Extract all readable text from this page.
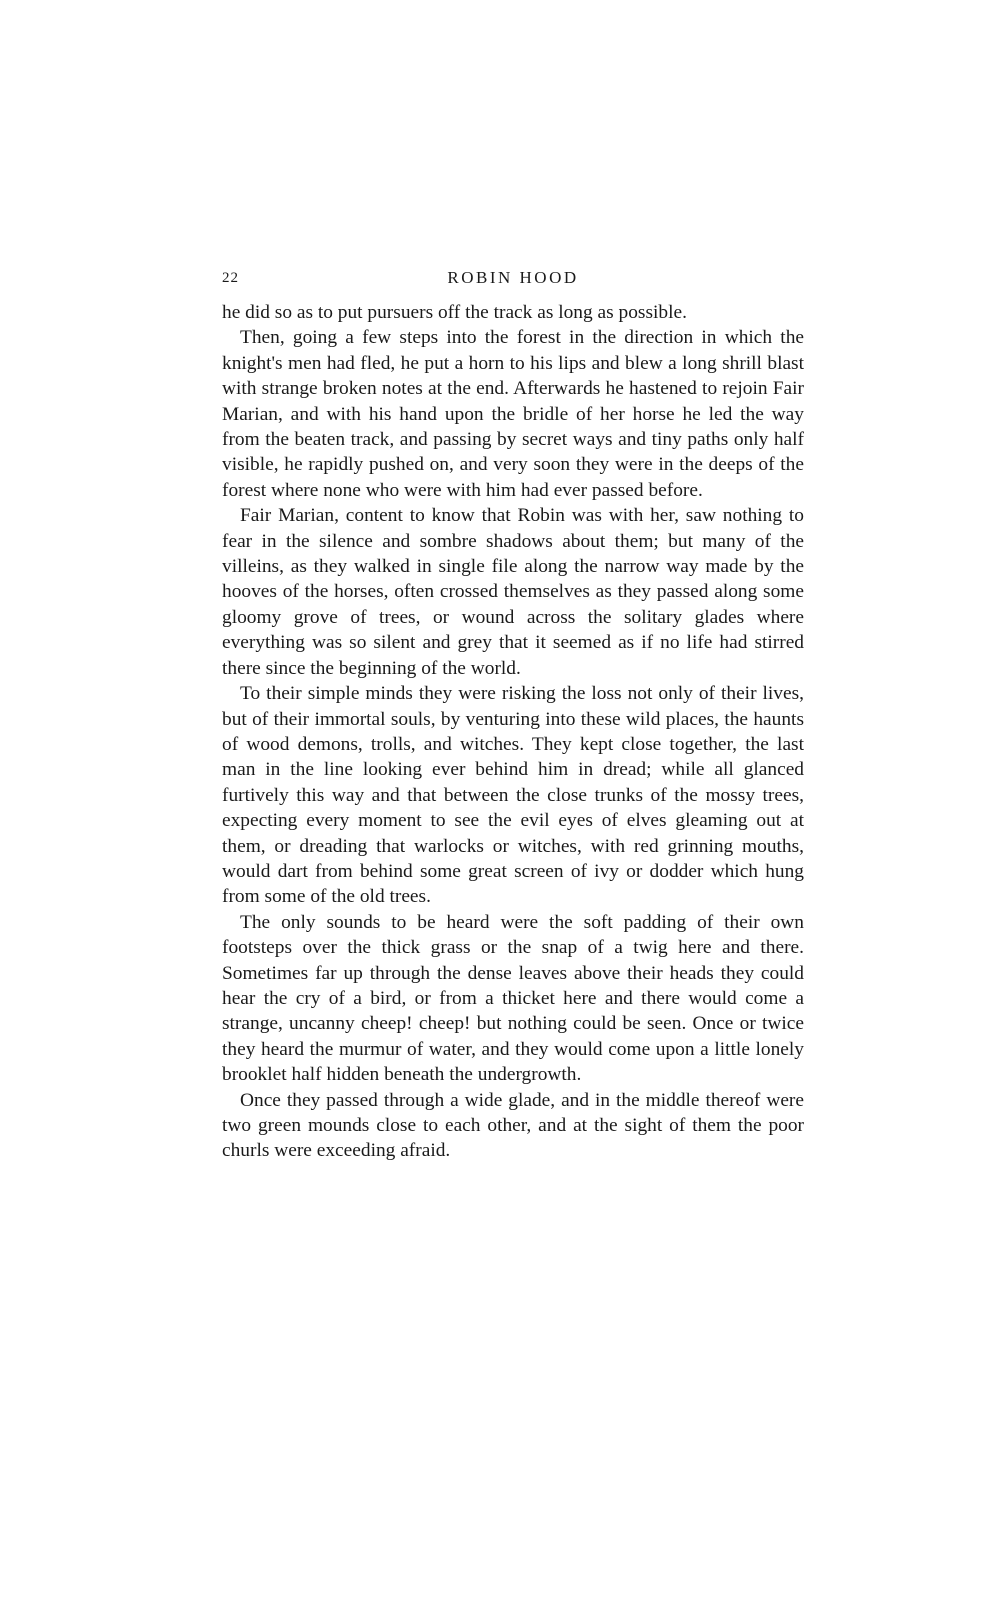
22	ROBIN HOOD

he did so as to put pursuers off the track as long as possible.

Then, going a few steps into the forest in the direction in which the knight's men had fled, he put a horn to his lips and blew a long shrill blast with strange broken notes at the end. Afterwards he hastened to rejoin Fair Marian, and with his hand upon the bridle of her horse he led the way from the beaten track, and passing by secret ways and tiny paths only half visible, he rapidly pushed on, and very soon they were in the deeps of the forest where none who were with him had ever passed before.

Fair Marian, content to know that Robin was with her, saw nothing to fear in the silence and sombre shadows about them; but many of the villeins, as they walked in single file along the narrow way made by the hooves of the horses, often crossed themselves as they passed along some gloomy grove of trees, or wound across the solitary glades where everything was so silent and grey that it seemed as if no life had stirred there since the beginning of the world.

To their simple minds they were risking the loss not only of their lives, but of their immortal souls, by venturing into these wild places, the haunts of wood demons, trolls, and witches. They kept close together, the last man in the line looking ever behind him in dread; while all glanced furtively this way and that between the close trunks of the mossy trees, expecting every moment to see the evil eyes of elves gleaming out at them, or dreading that warlocks or witches, with red grinning mouths, would dart from behind some great screen of ivy or dodder which hung from some of the old trees.

The only sounds to be heard were the soft padding of their own footsteps over the thick grass or the snap of a twig here and there. Sometimes far up through the dense leaves above their heads they could hear the cry of a bird, or from a thicket here and there would come a strange, uncanny cheep! cheep! but nothing could be seen. Once or twice they heard the murmur of water, and they would come upon a little lonely brooklet half hidden beneath the undergrowth.

Once they passed through a wide glade, and in the middle thereof were two green mounds close to each other, and at the sight of them the poor churls were exceeding afraid.
